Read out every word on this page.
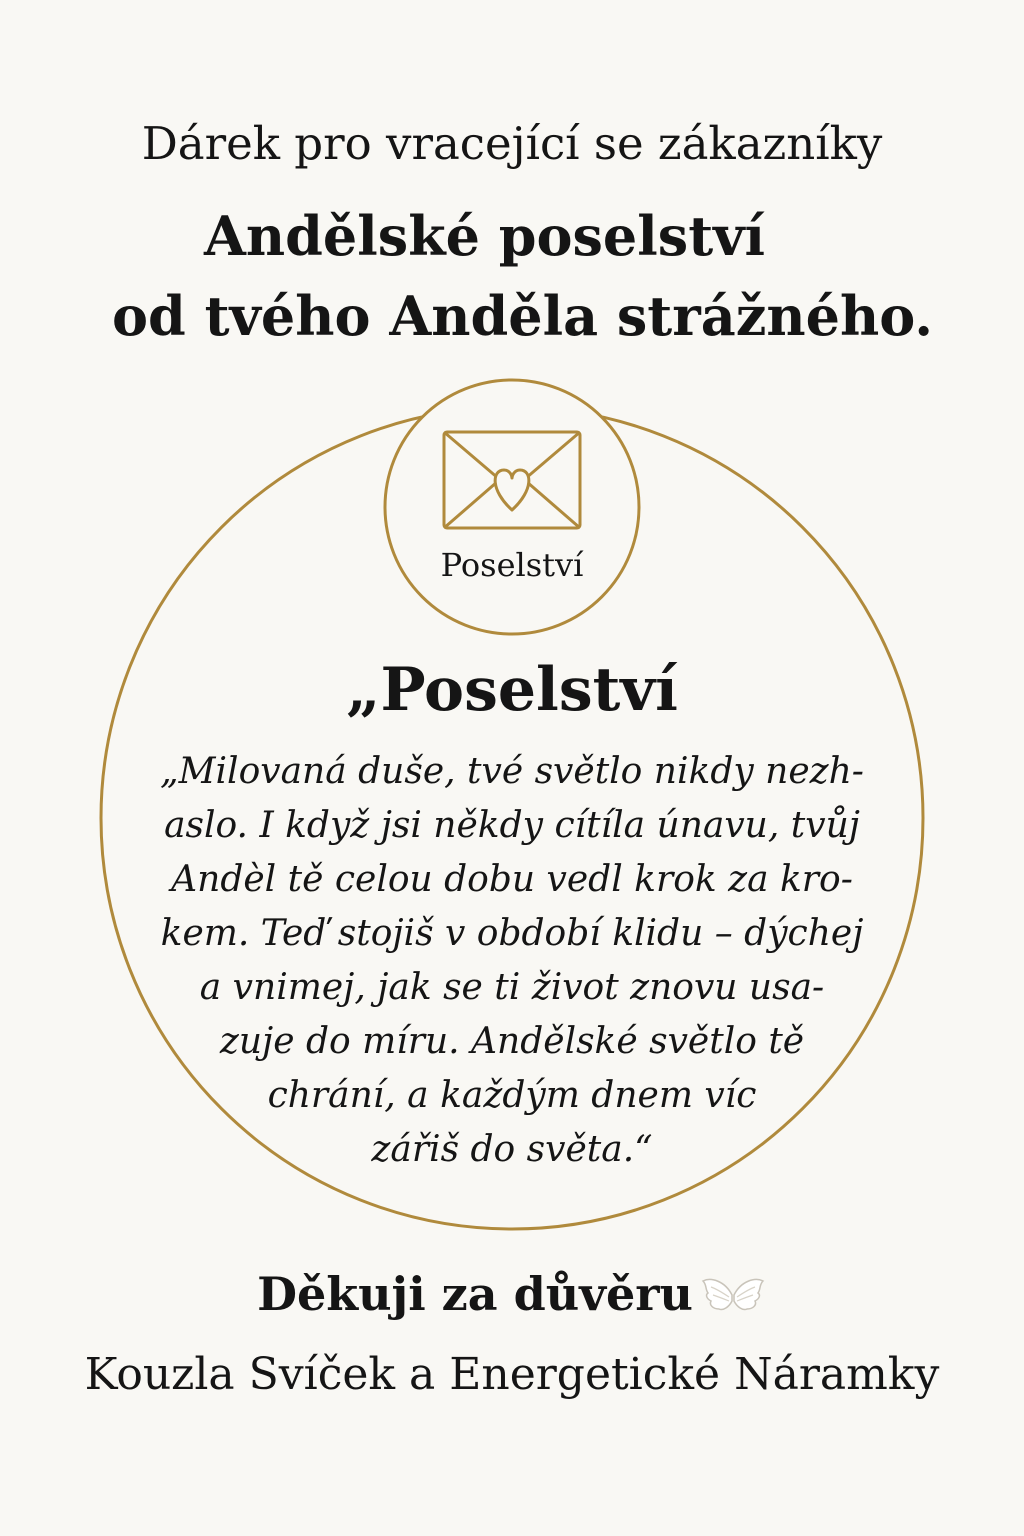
Dárek pro vracející se zákazníky
Andělské poselství
od tvého Anděla strážného.
Poselství
„Poselství

„Milovaná duše, tvé světlo nikdy nezh-
aslo. I když jsi někdy cítíla únavu, tvůj
Andèl tě celou dobu vedl krok za kro-
kem. Teď stojiš v období klidu – dýchej
a vnimej, jak se ti život znovu usa-
zuje do míru. Andělské světlo tě
chrání, a každým dnem víc
zářiš do světa.“

Děkuji za důvěru

Kouzla Svíček a Energetické Náramky
